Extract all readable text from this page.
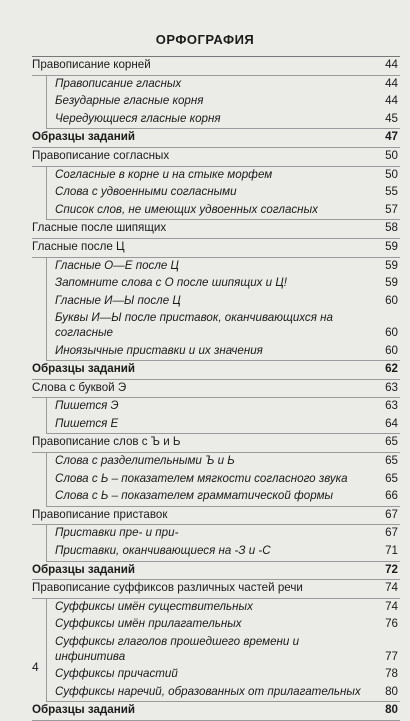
ОРФОГРАФИЯ
Правописание корней	44
Правописание гласных	44
Безударные гласные корня	44
Чередующиеся гласные корня	45
Образцы заданий	47
Правописание согласных	50
Согласные в корне и на стыке морфем	50
Слова с удвоенными согласными	55
Список слов, не имеющих удвоенных согласных	57
Гласные после шипящих	58
Гласные после Ц	59
Гласные О—Е после Ц	59
Запомните слова с О после шипящих и Ц!	59
Гласные И—Ы после Ц	60
Буквы И—Ы после приставок, оканчивающихся на согласные	60
Иноязычные приставки и их значения	60
Образцы заданий	62
Слова с буквой Э	63
Пишется Э	63
Пишется Е	64
Правописание слов с Ъ и Ь	65
Слова с разделительными Ъ и Ь	65
Слова с Ь – показателем мягкости согласного звука	65
Слова с Ь – показателем грамматической формы	66
Правописание приставок	67
Приставки пре- и при-	67
Приставки, оканчивающиеся на -З и -С	71
Образцы заданий	72
Правописание суффиксов различных частей речи	74
Суффиксы имён существительных	74
Суффиксы имён прилагательных	76
Суффиксы глаголов прошедшего времени и инфинитива	77
Суффиксы причастий	78
Суффиксы наречий, образованных от прилагательных	80
Образцы заданий	80
4
